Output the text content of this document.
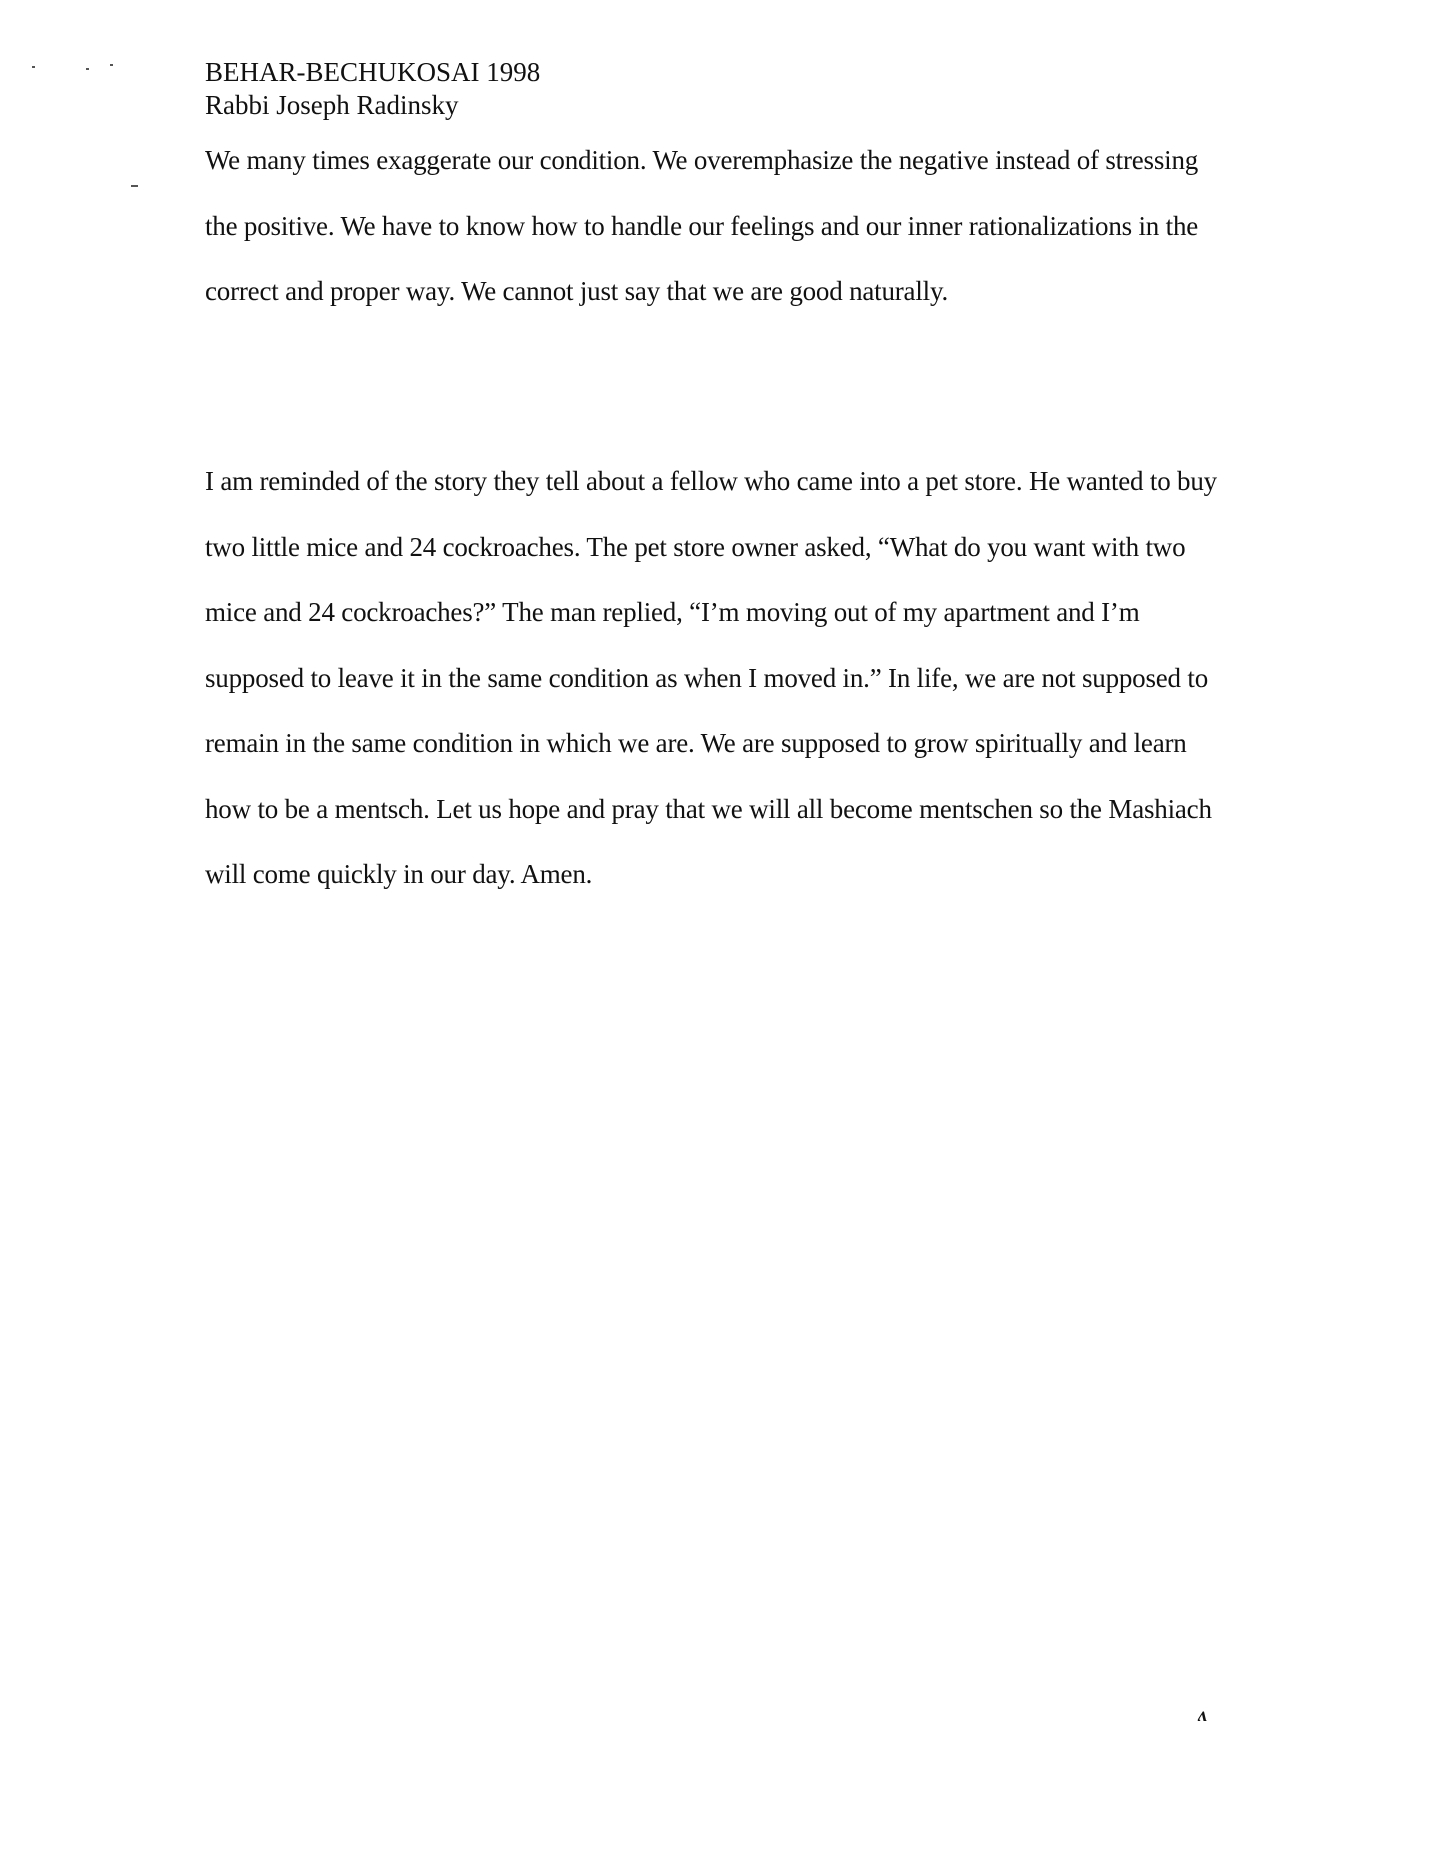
BEHAR-BECHUKOSAI 1998
Rabbi Joseph Radinsky

We many times exaggerate our condition. We overemphasize the negative instead of stressing the positive. We have to know how to handle our feelings and our inner rationalizations in the correct and proper way. We cannot just say that we are good naturally.

I am reminded of the story they tell about a fellow who came into a pet store. He wanted to buy two little mice and 24 cockroaches. The pet store owner asked, “What do you want with two mice and 24 cockroaches?” The man replied, “I’m moving out of my apartment and I’m supposed to leave it in the same condition as when I moved in.” In life, we are not supposed to remain in the same condition in which we are. We are supposed to grow spiritually and learn how to be a mentsch. Let us hope and pray that we will all become mentschen so the Mashiach will come quickly in our day. Amen.

ʌ
